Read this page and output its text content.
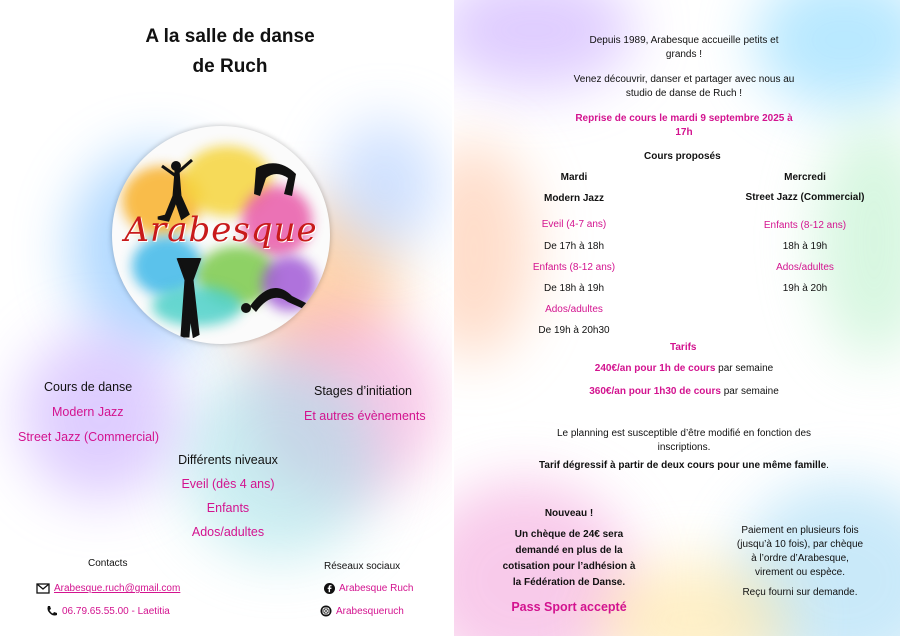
A la salle de danse
de Ruch
Arabesque
Cours de danse
Modern Jazz
Street Jazz (Commercial)
Stages d’initiation
Et autres évènements
Différents niveaux
Eveil (dès 4 ans)
Enfants
Ados/adultes
Contacts
Arabesque.ruch@gmail.com
06.79.65.55.00 - Laetitia
Réseaux sociaux
Arabesque Ruch
Arabesqueruch
Depuis 1989, Arabesque accueille petits et
grands !
Venez découvrir, danser et partager avec nous au
studio de danse de Ruch !
Reprise de cours le mardi 9 septembre 2025 à
17h
Cours proposés
Mardi
Modern Jazz
Eveil (4-7 ans)
De 17h à 18h
Enfants (8-12 ans)
De 18h à 19h
Ados/adultes
De 19h à 20h30
Mercredi
Street Jazz (Commercial)
Enfants (8-12 ans)
18h à 19h
Ados/adultes
19h à 20h
Tarifs
240€/an pour 1h de cours par semaine
360€/an pour 1h30 de cours par semaine
Le planning est susceptible d’être modifié en fonction des
inscriptions.
Tarif dégressif à partir de deux cours pour une même famille.
Nouveau !
Un chèque de 24€ sera
demandé en plus de la
cotisation pour l’adhésion à
la Fédération de Danse.
Pass Sport accepté
Paiement en plusieurs fois
(jusqu’à 10 fois), par chèque
à l’ordre d’Arabesque,
virement ou espèce.
Reçu fourni sur demande.
